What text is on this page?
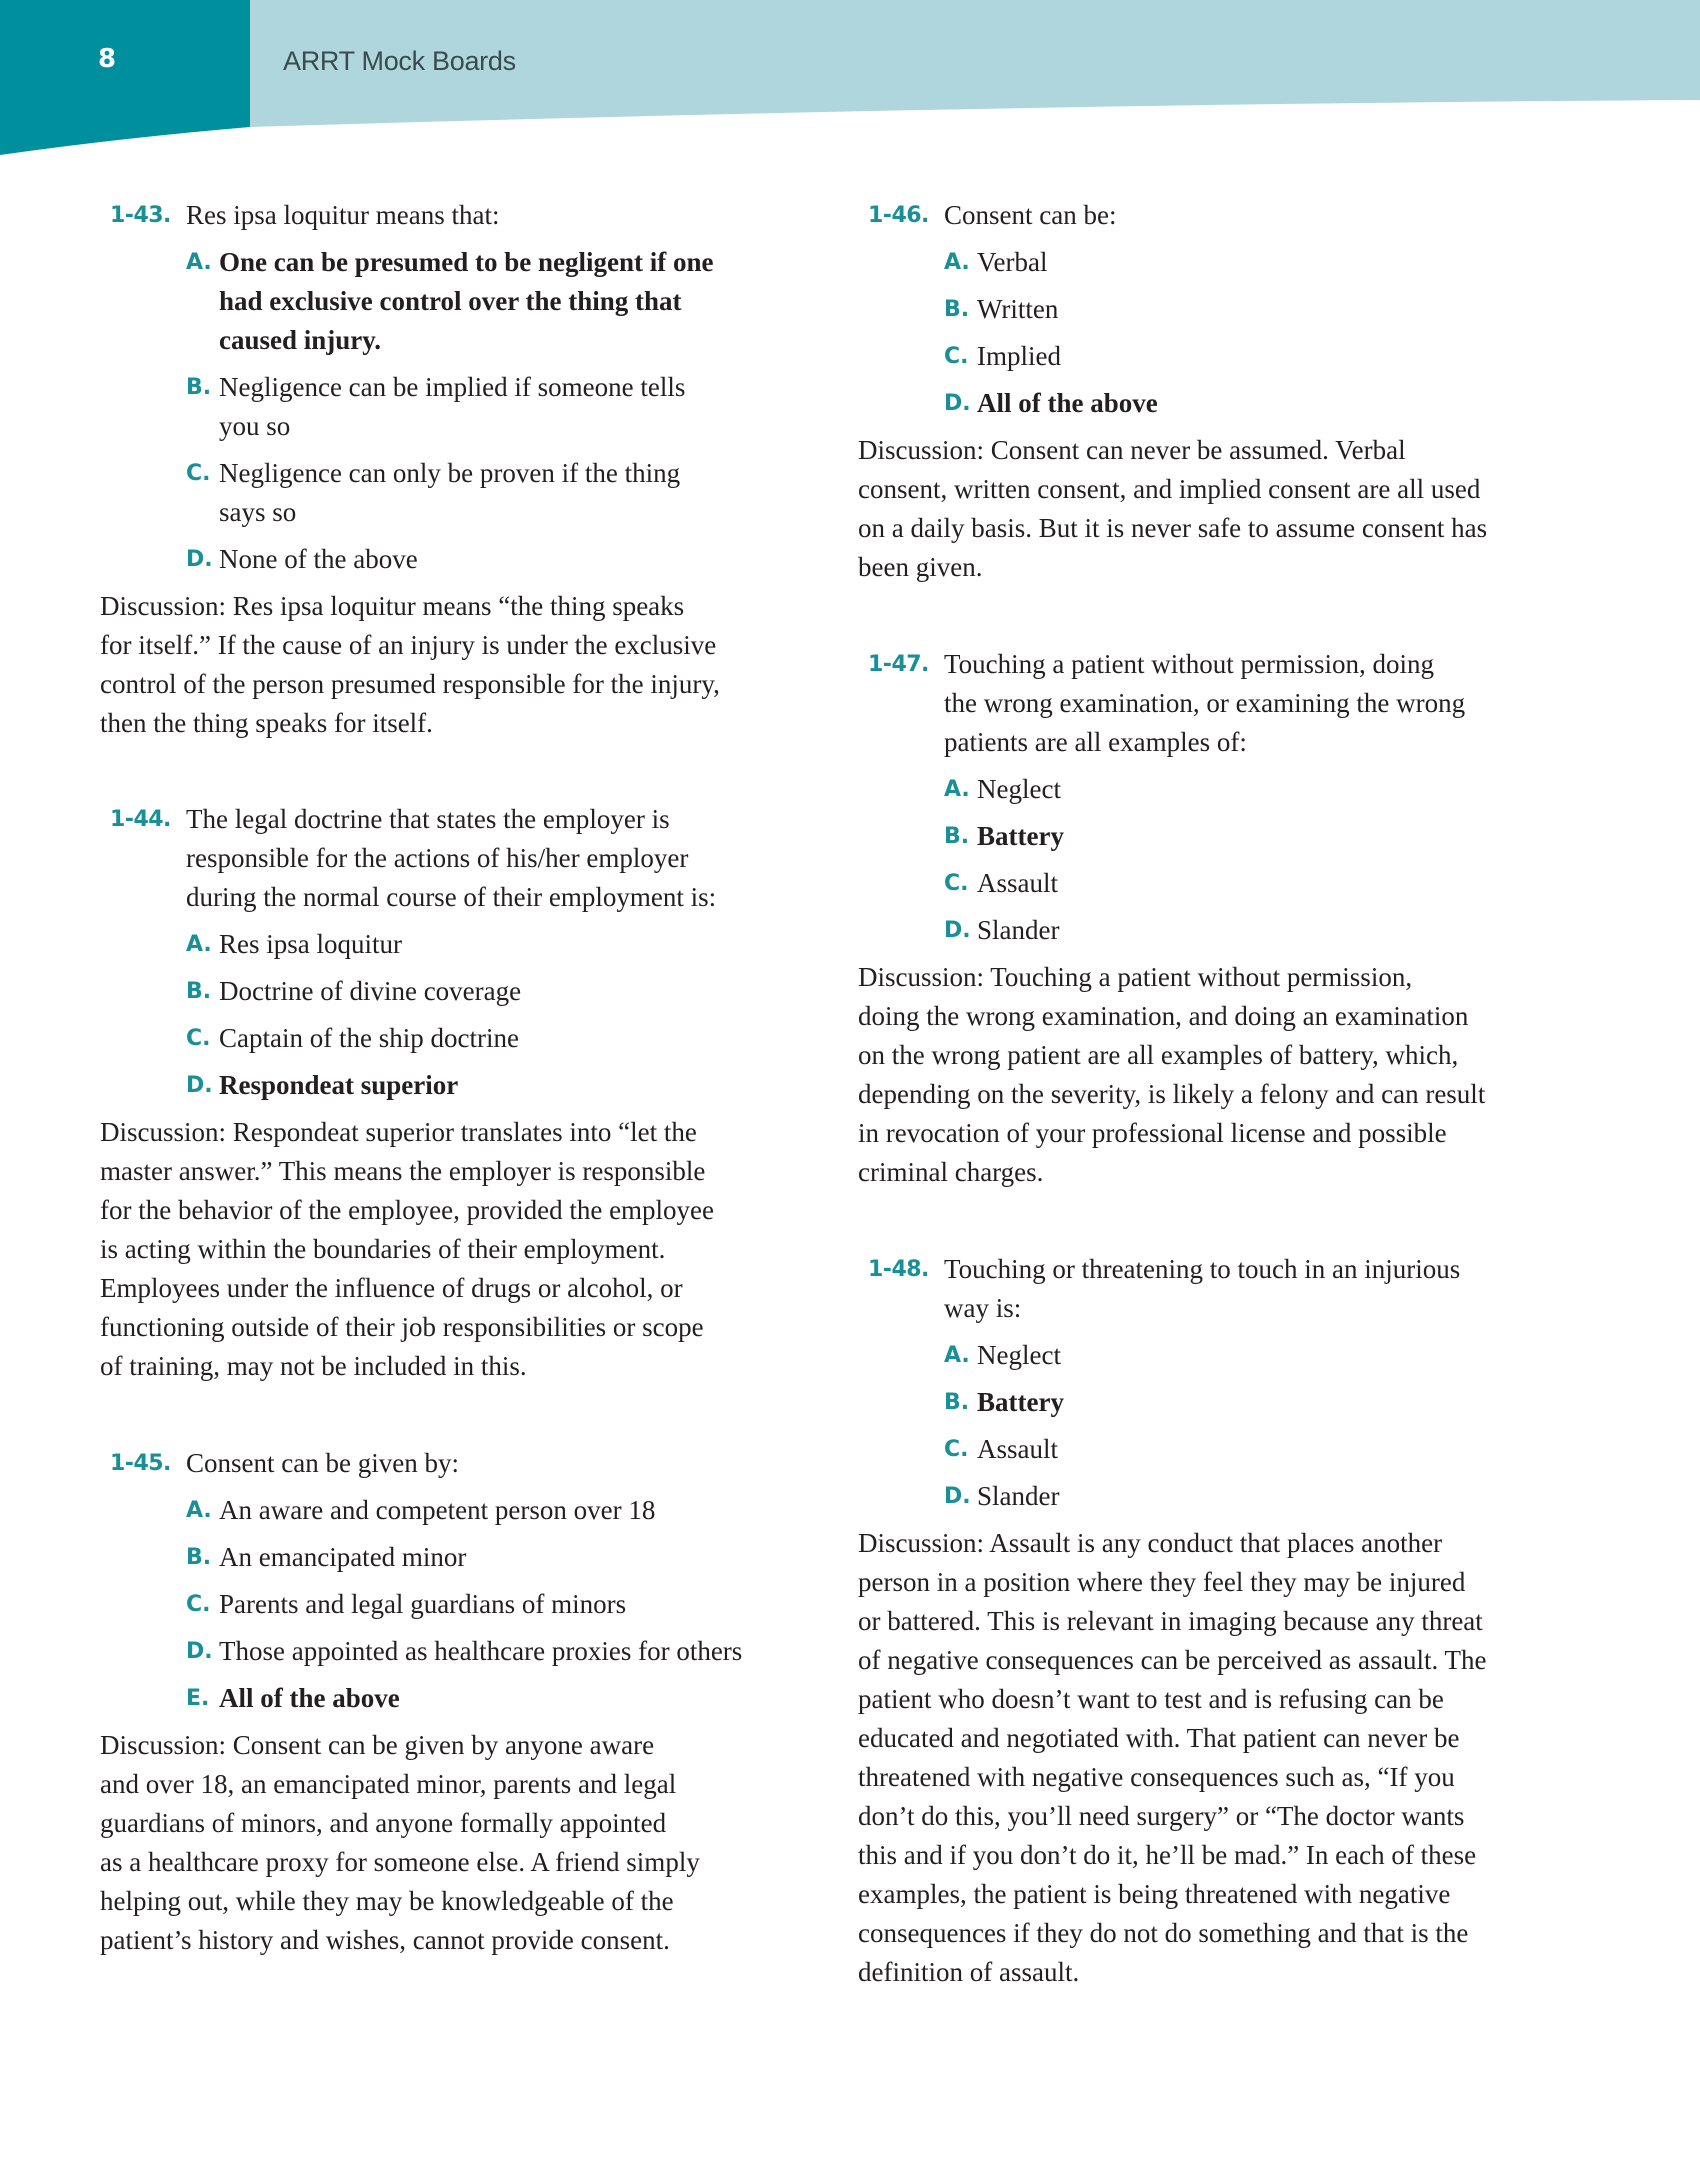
8	ARRT Mock Boards
1-43. Res ipsa loquitur means that:
A. One can be presumed to be negligent if one
had exclusive control over the thing that
caused injury.
B. Negligence can be implied if someone tells
you so
C. Negligence can only be proven if the thing
says so
D. None of the above
Discussion: Res ipsa loquitur means “the thing speaks
for itself.” If the cause of an injury is under the exclusive
control of the person presumed responsible for the injury,
then the thing speaks for itself.
1-44. The legal doctrine that states the employer is
responsible for the actions of his/her employer
during the normal course of their employment is:
A. Res ipsa loquitur
B. Doctrine of divine coverage
C. Captain of the ship doctrine
D. Respondeat superior
Discussion: Respondeat superior translates into “let the
master answer.” This means the employer is responsible
for the behavior of the employee, provided the employee
is acting within the boundaries of their employment.
Employees under the influence of drugs or alcohol, or
functioning outside of their job responsibilities or scope
of training, may not be included in this.
1-45. Consent can be given by:
A. An aware and competent person over 18
B. An emancipated minor
C. Parents and legal guardians of minors
D. Those appointed as healthcare proxies for others
E. All of the above
Discussion: Consent can be given by anyone aware
and over 18, an emancipated minor, parents and legal
guardians of minors, and anyone formally appointed
as a healthcare proxy for someone else. A friend simply
helping out, while they may be knowledgeable of the
patient’s history and wishes, cannot provide consent.
1-46. Consent can be:
A. Verbal
B. Written
C. Implied
D. All of the above
Discussion: Consent can never be assumed. Verbal
consent, written consent, and implied consent are all used
on a daily basis. But it is never safe to assume consent has
been given.
1-47. Touching a patient without permission, doing
the wrong examination, or examining the wrong
patients are all examples of:
A. Neglect
B. Battery
C. Assault
D. Slander
Discussion: Touching a patient without permission,
doing the wrong examination, and doing an examination
on the wrong patient are all examples of battery, which,
depending on the severity, is likely a felony and can result
in revocation of your professional license and possible
criminal charges.
1-48. Touching or threatening to touch in an injurious
way is:
A. Neglect
B. Battery
C. Assault
D. Slander
Discussion: Assault is any conduct that places another
person in a position where they feel they may be injured
or battered. This is relevant in imaging because any threat
of negative consequences can be perceived as assault. The
patient who doesn’t want to test and is refusing can be
educated and negotiated with. That patient can never be
threatened with negative consequences such as, “If you
don’t do this, you’ll need surgery” or “The doctor wants
this and if you don’t do it, he’ll be mad.” In each of these
examples, the patient is being threatened with negative
consequences if they do not do something and that is the
definition of assault.
